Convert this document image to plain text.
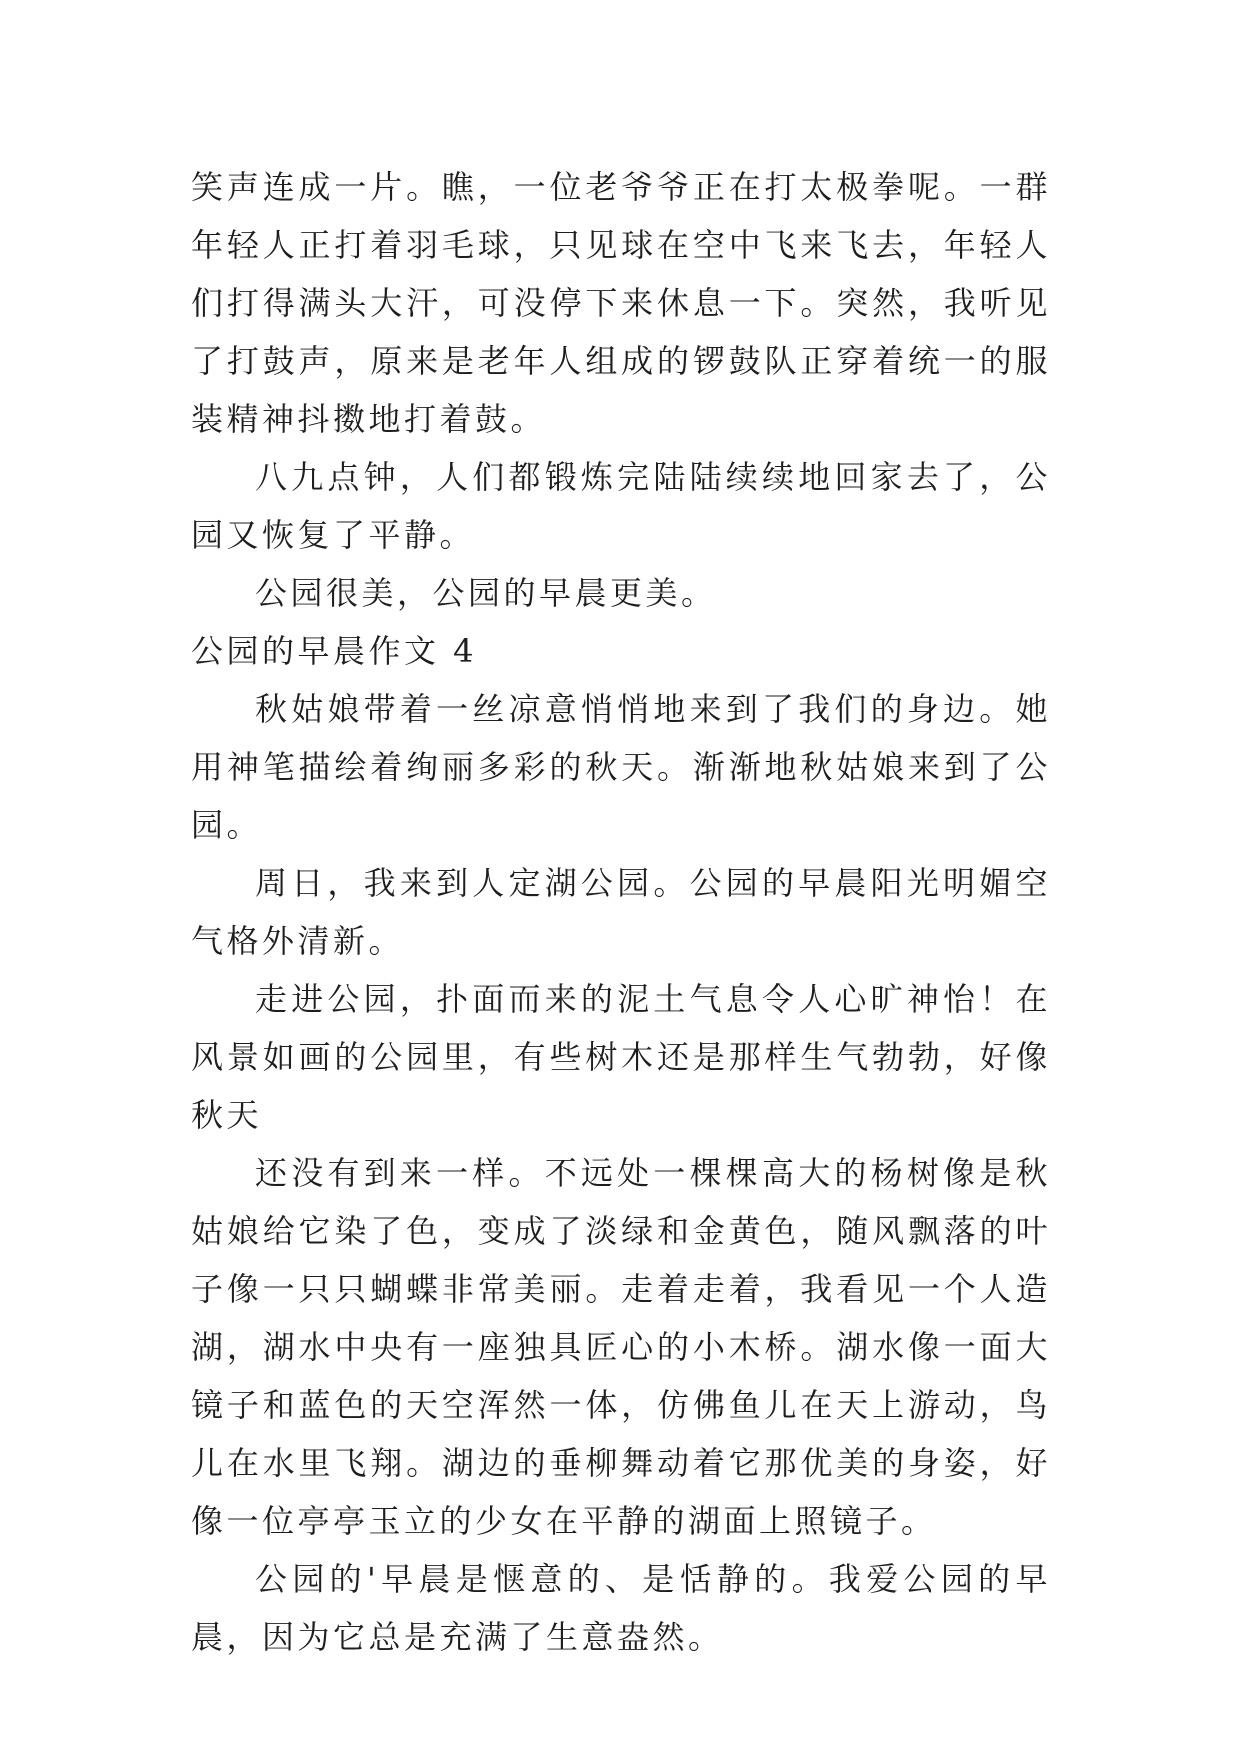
笑声连成一片。瞧，一位老爷爷正在打太极拳呢。一群年轻人正打着羽毛球，只见球在空中飞来飞去，年轻人们打得满头大汗，可没停下来休息一下。突然，我听见了打鼓声，原来是老年人组成的锣鼓队正穿着统一的服装精神抖擞地打着鼓。

八九点钟，人们都锻炼完陆陆续续地回家去了，公园又恢复了平静。

公园很美，公园的早晨更美。

公园的早晨作文 4

秋姑娘带着一丝凉意悄悄地来到了我们的身边。她用神笔描绘着绚丽多彩的秋天。渐渐地秋姑娘来到了公园。

周日，我来到人定湖公园。公园的早晨阳光明媚空气格外清新。

走进公园，扑面而来的泥土气息令人心旷神怡！在风景如画的公园里，有些树木还是那样生气勃勃，好像秋天

还没有到来一样。不远处一棵棵高大的杨树像是秋姑娘给它染了色，变成了淡绿和金黄色，随风飘落的叶子像一只只蝴蝶非常美丽。走着走着，我看见一个人造湖，湖水中央有一座独具匠心的小木桥。湖水像一面大镜子和蓝色的天空浑然一体，仿佛鱼儿在天上游动，鸟儿在水里飞翔。湖边的垂柳舞动着它那优美的身姿，好像一位亭亭玉立的少女在平静的湖面上照镜子。

公园的'早晨是惬意的、是恬静的。我爱公园的早晨，因为它总是充满了生意盎然。
